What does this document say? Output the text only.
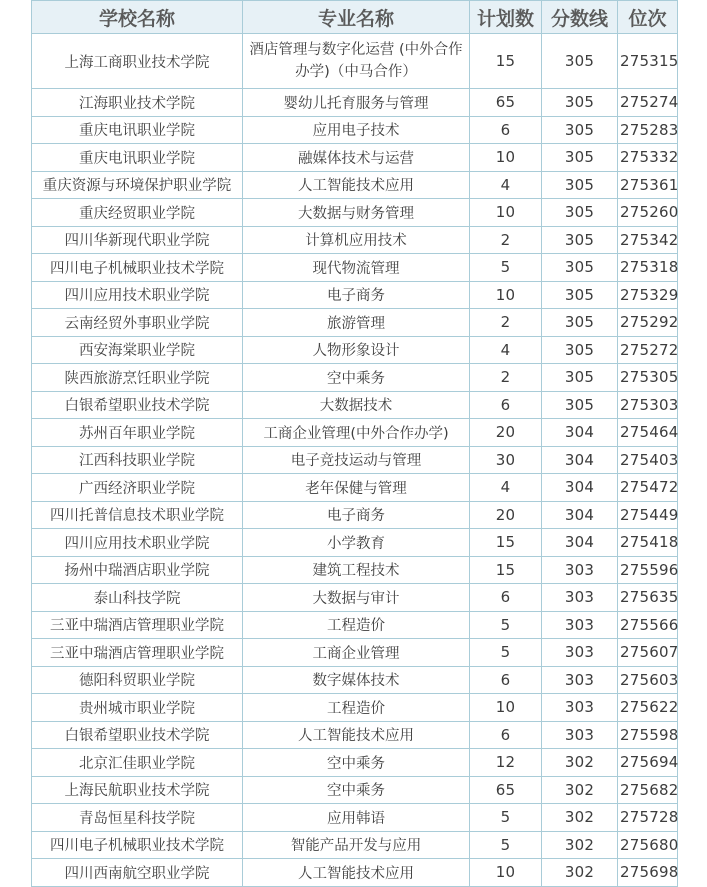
学校名称	专业名称	计划数	分数线	位次
上海工商职业技术学院	酒店管理与数字化运营 (中外合作办学)（中马合作）	15	305	275315
江海职业技术学院	婴幼儿托育服务与管理	65	305	275274
重庆电讯职业学院	应用电子技术	6	305	275283
重庆电讯职业学院	融媒体技术与运营	10	305	275332
重庆资源与环境保护职业学院	人工智能技术应用	4	305	275361
重庆经贸职业学院	大数据与财务管理	10	305	275260
四川华新现代职业学院	计算机应用技术	2	305	275342
四川电子机械职业技术学院	现代物流管理	5	305	275318
四川应用技术职业学院	电子商务	10	305	275329
云南经贸外事职业学院	旅游管理	2	305	275292
西安海棠职业学院	人物形象设计	4	305	275272
陕西旅游烹饪职业学院	空中乘务	2	305	275305
白银希望职业技术学院	大数据技术	6	305	275303
苏州百年职业学院	工商企业管理(中外合作办学)	20	304	275464
江西科技职业学院	电子竞技运动与管理	30	304	275403
广西经济职业学院	老年保健与管理	4	304	275472
四川托普信息技术职业学院	电子商务	20	304	275449
四川应用技术职业学院	小学教育	15	304	275418
扬州中瑞酒店职业学院	建筑工程技术	15	303	275596
泰山科技学院	大数据与审计	6	303	275635
三亚中瑞酒店管理职业学院	工程造价	5	303	275566
三亚中瑞酒店管理职业学院	工商企业管理	5	303	275607
德阳科贸职业学院	数字媒体技术	6	303	275603
贵州城市职业学院	工程造价	10	303	275622
白银希望职业技术学院	人工智能技术应用	6	303	275598
北京汇佳职业学院	空中乘务	12	302	275694
上海民航职业技术学院	空中乘务	65	302	275682
青岛恒星科技学院	应用韩语	5	302	275728
四川电子机械职业技术学院	智能产品开发与应用	5	302	275680
四川西南航空职业学院	人工智能技术应用	10	302	275698
